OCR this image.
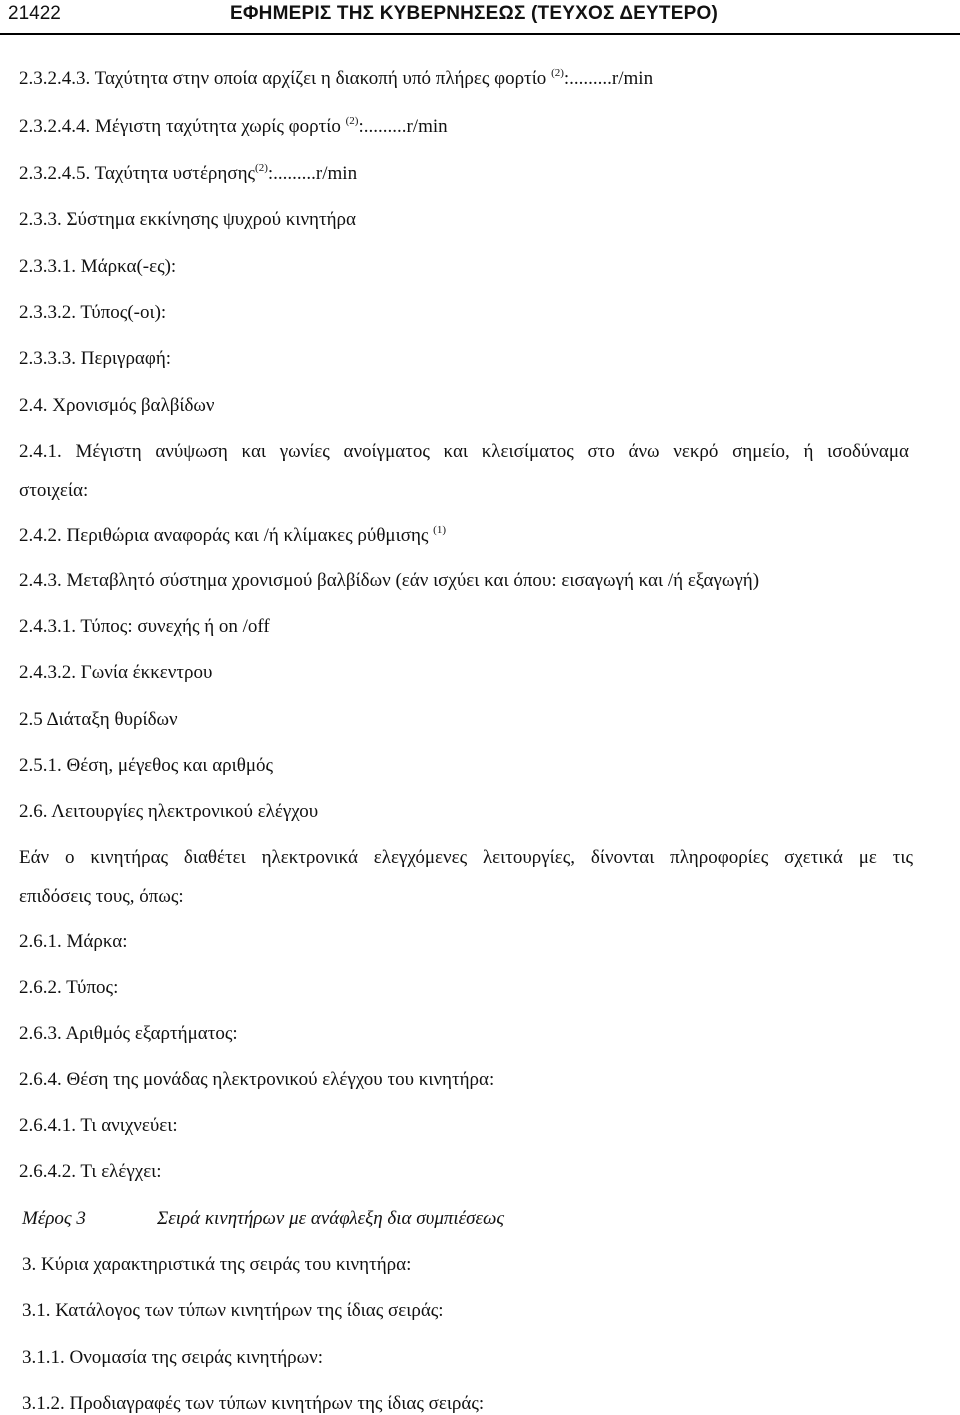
21422	ΕΦΗΜΕΡΙΣ ΤΗΣ ΚΥΒΕΡΝΗΣΕΩΣ (ΤΕΥΧΟΣ ΔΕΥΤΕΡΟ)
2.3.2.4.3. Ταχύτητα στην οποία αρχίζει η διακοπή υπό πλήρες φορτίο $^{(2)}$:.........r/min
2.3.2.4.4. Μέγιστη ταχύτητα χωρίς φορτίο $^{(2)}$:.........r/min
2.3.2.4.5. Ταχύτητα υστέρησης$^{(2)}$:.........r/min
2.3.3. Σύστημα εκκίνησης ψυχρού κινητήρα
2.3.3.1. Μάρκα(-ες):
2.3.3.2. Τύπος(-οι):
2.3.3.3. Περιγραφή:
2.4. Χρονισμός βαλβίδων
2.4.1. Μέγιστη ανύψωση και γωνίες ανοίγματος και κλεισίματος στο άνω νεκρό σημείο, ή ισοδύναμα
στοιχεία:
2.4.2. Περιθώρια αναφοράς και /ή κλίμακες ρύθμισης $^{(1)}$
2.4.3. Μεταβλητό σύστημα χρονισμού βαλβίδων (εάν ισχύει και όπου: εισαγωγή και /ή εξαγωγή)
2.4.3.1. Τύπος: συνεχής ή on /off
2.4.3.2. Γωνία έκκεντρου
2.5 Διάταξη θυρίδων
2.5.1. Θέση, μέγεθος και αριθμός
2.6. Λειτουργίες ηλεκτρονικού ελέγχου
Εάν ο κινητήρας διαθέτει ηλεκτρονικά ελεγχόμενες λειτουργίες, δίνονται πληροφορίες σχετικά με τις
επιδόσεις τους, όπως:
2.6.1. Μάρκα:
2.6.2. Τύπος:
2.6.3. Αριθμός εξαρτήματος:
2.6.4. Θέση της μονάδας ηλεκτρονικού ελέγχου του κινητήρα:
2.6.4.1. Τι ανιχνεύει:
2.6.4.2. Τι ελέγχει:
Μέρος 3	Σειρά κινητήρων με ανάφλεξη δια συμπιέσεως
3. Κύρια χαρακτηριστικά της σειράς του κινητήρα:
3.1. Κατάλογος των τύπων κινητήρων της ίδιας σειράς:
3.1.1. Ονομασία της σειράς κινητήρων:
3.1.2. Προδιαγραφές των τύπων κινητήρων της ίδιας σειράς:
